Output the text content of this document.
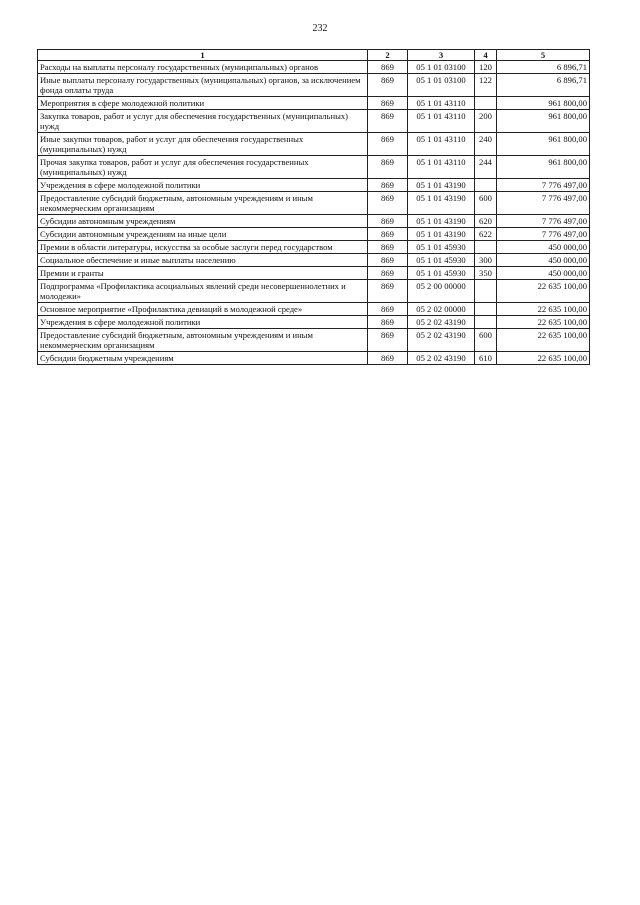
232
1	2	3	4	5
Расходы на выплаты персоналу государственных (муниципальных) органов	869	05 1 01 03100	120	6 896,71
Иные выплаты персоналу государственных (муниципальных) органов, за исключением фонда оплаты труда	869	05 1 01 03100	122	6 896,71
Мероприятия в сфере молодежной политики	869	05 1 01 43110		961 800,00
Закупка товаров, работ и услуг для обеспечения государственных (муниципальных) нужд	869	05 1 01 43110	200	961 800,00
Иные закупки товаров, работ и услуг для обеспечения государственных (муниципальных) нужд	869	05 1 01 43110	240	961 800,00
Прочая закупка товаров, работ и услуг для обеспечения государственных (муниципальных) нужд	869	05 1 01 43110	244	961 800,00
Учреждения в сфере молодежной политики	869	05 1 01 43190		7 776 497,00
Предоставление субсидий бюджетным, автономным учреждениям и иным некоммерческим организациям	869	05 1 01 43190	600	7 776 497,00
Субсидии автономным учреждениям	869	05 1 01 43190	620	7 776 497,00
Субсидии автономным учреждениям на иные цели	869	05 1 01 43190	622	7 776 497,00
Премии в области литературы, искусства за особые заслуги перед государством	869	05 1 01 45930		450 000,00
Социальное обеспечение и иные выплаты населению	869	05 1 01 45930	300	450 000,00
Премии и гранты	869	05 1 01 45930	350	450 000,00
Подпрограмма «Профилактика асоциальных явлений среди несовершеннолетних и молодежи»	869	05 2 00 00000		22 635 100,00
Основное мероприятие «Профилактика девиаций в молодежной среде»	869	05 2 02 00000		22 635 100,00
Учреждения в сфере молодежной политики	869	05 2 02 43190		22 635 100,00
Предоставление субсидий бюджетным, автономным учреждениям и иным некоммерческим организациям	869	05 2 02 43190	600	22 635 100,00
Субсидии бюджетным учреждениям	869	05 2 02 43190	610	22 635 100,00
